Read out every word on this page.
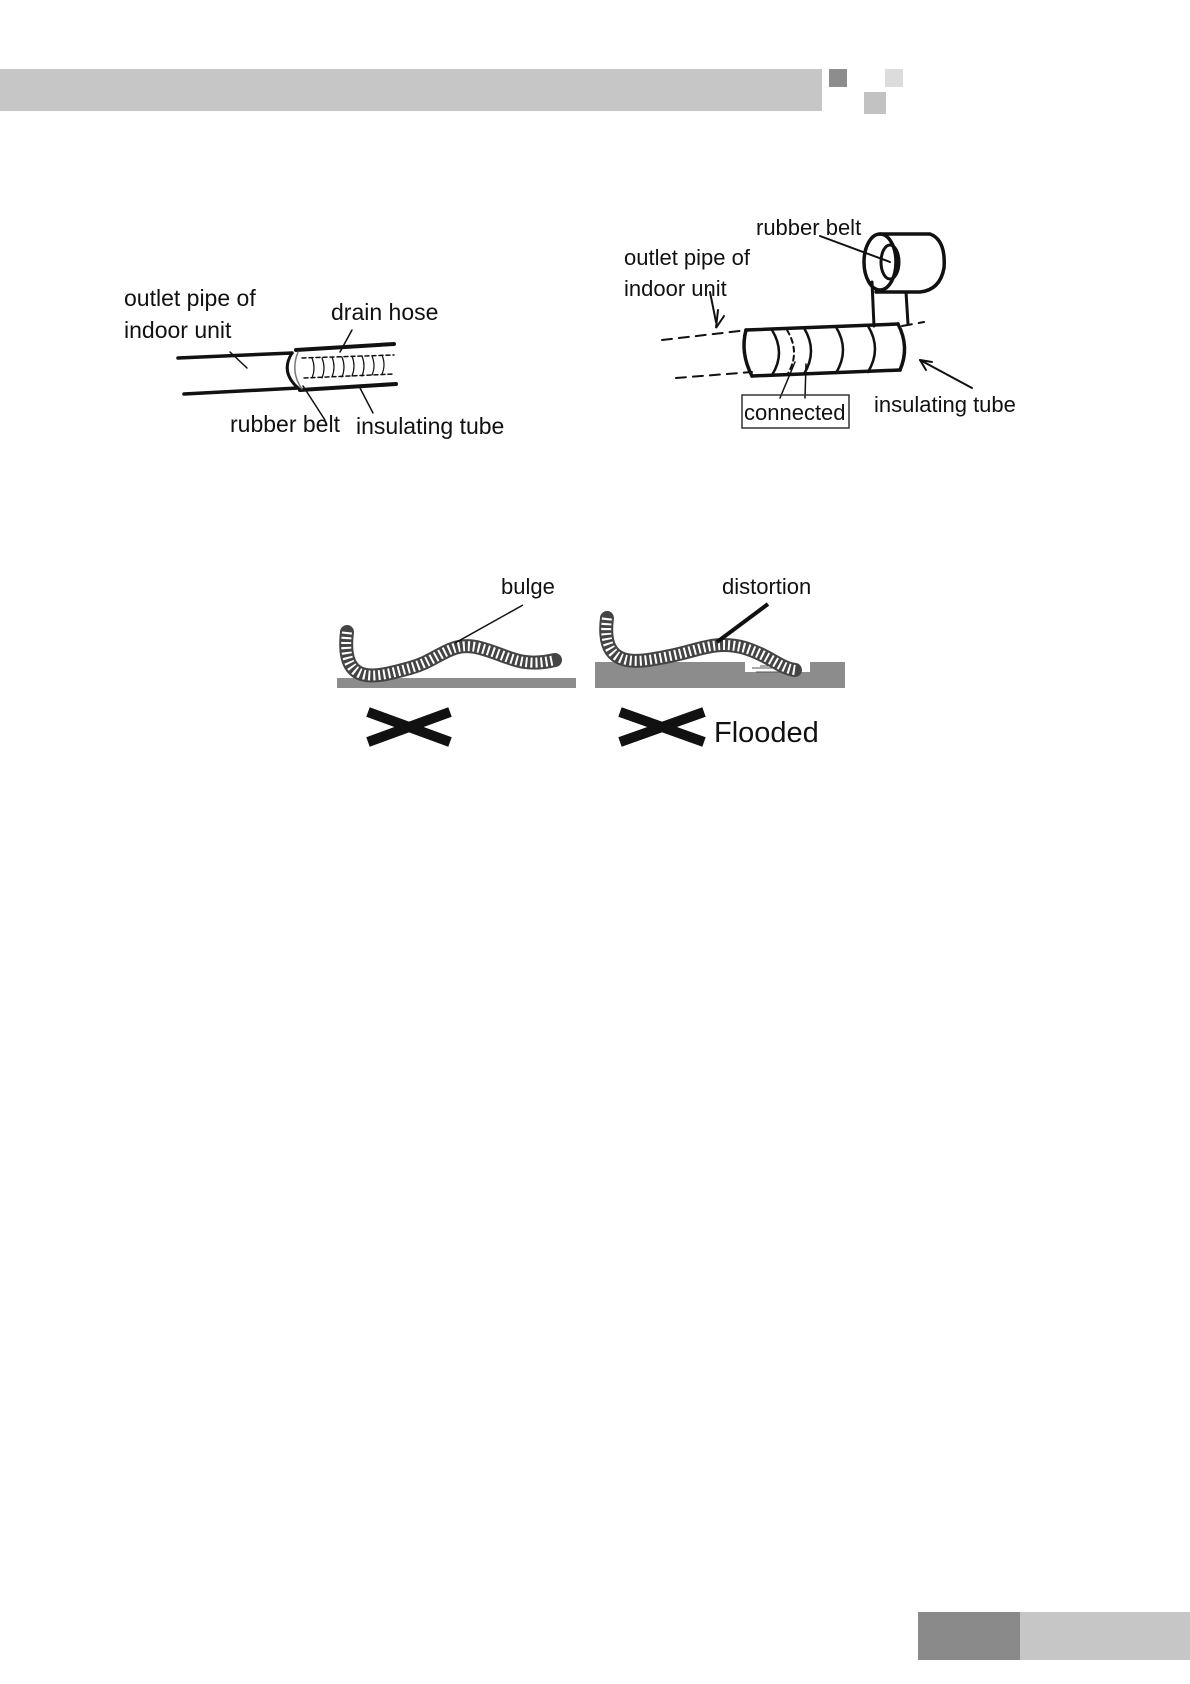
outlet pipe of
indoor unit
drain hose
rubber belt insulating tube
rubber belt
outlet pipe of
indoor unit
connected insulating tube
bulge	distortion
Flooded
